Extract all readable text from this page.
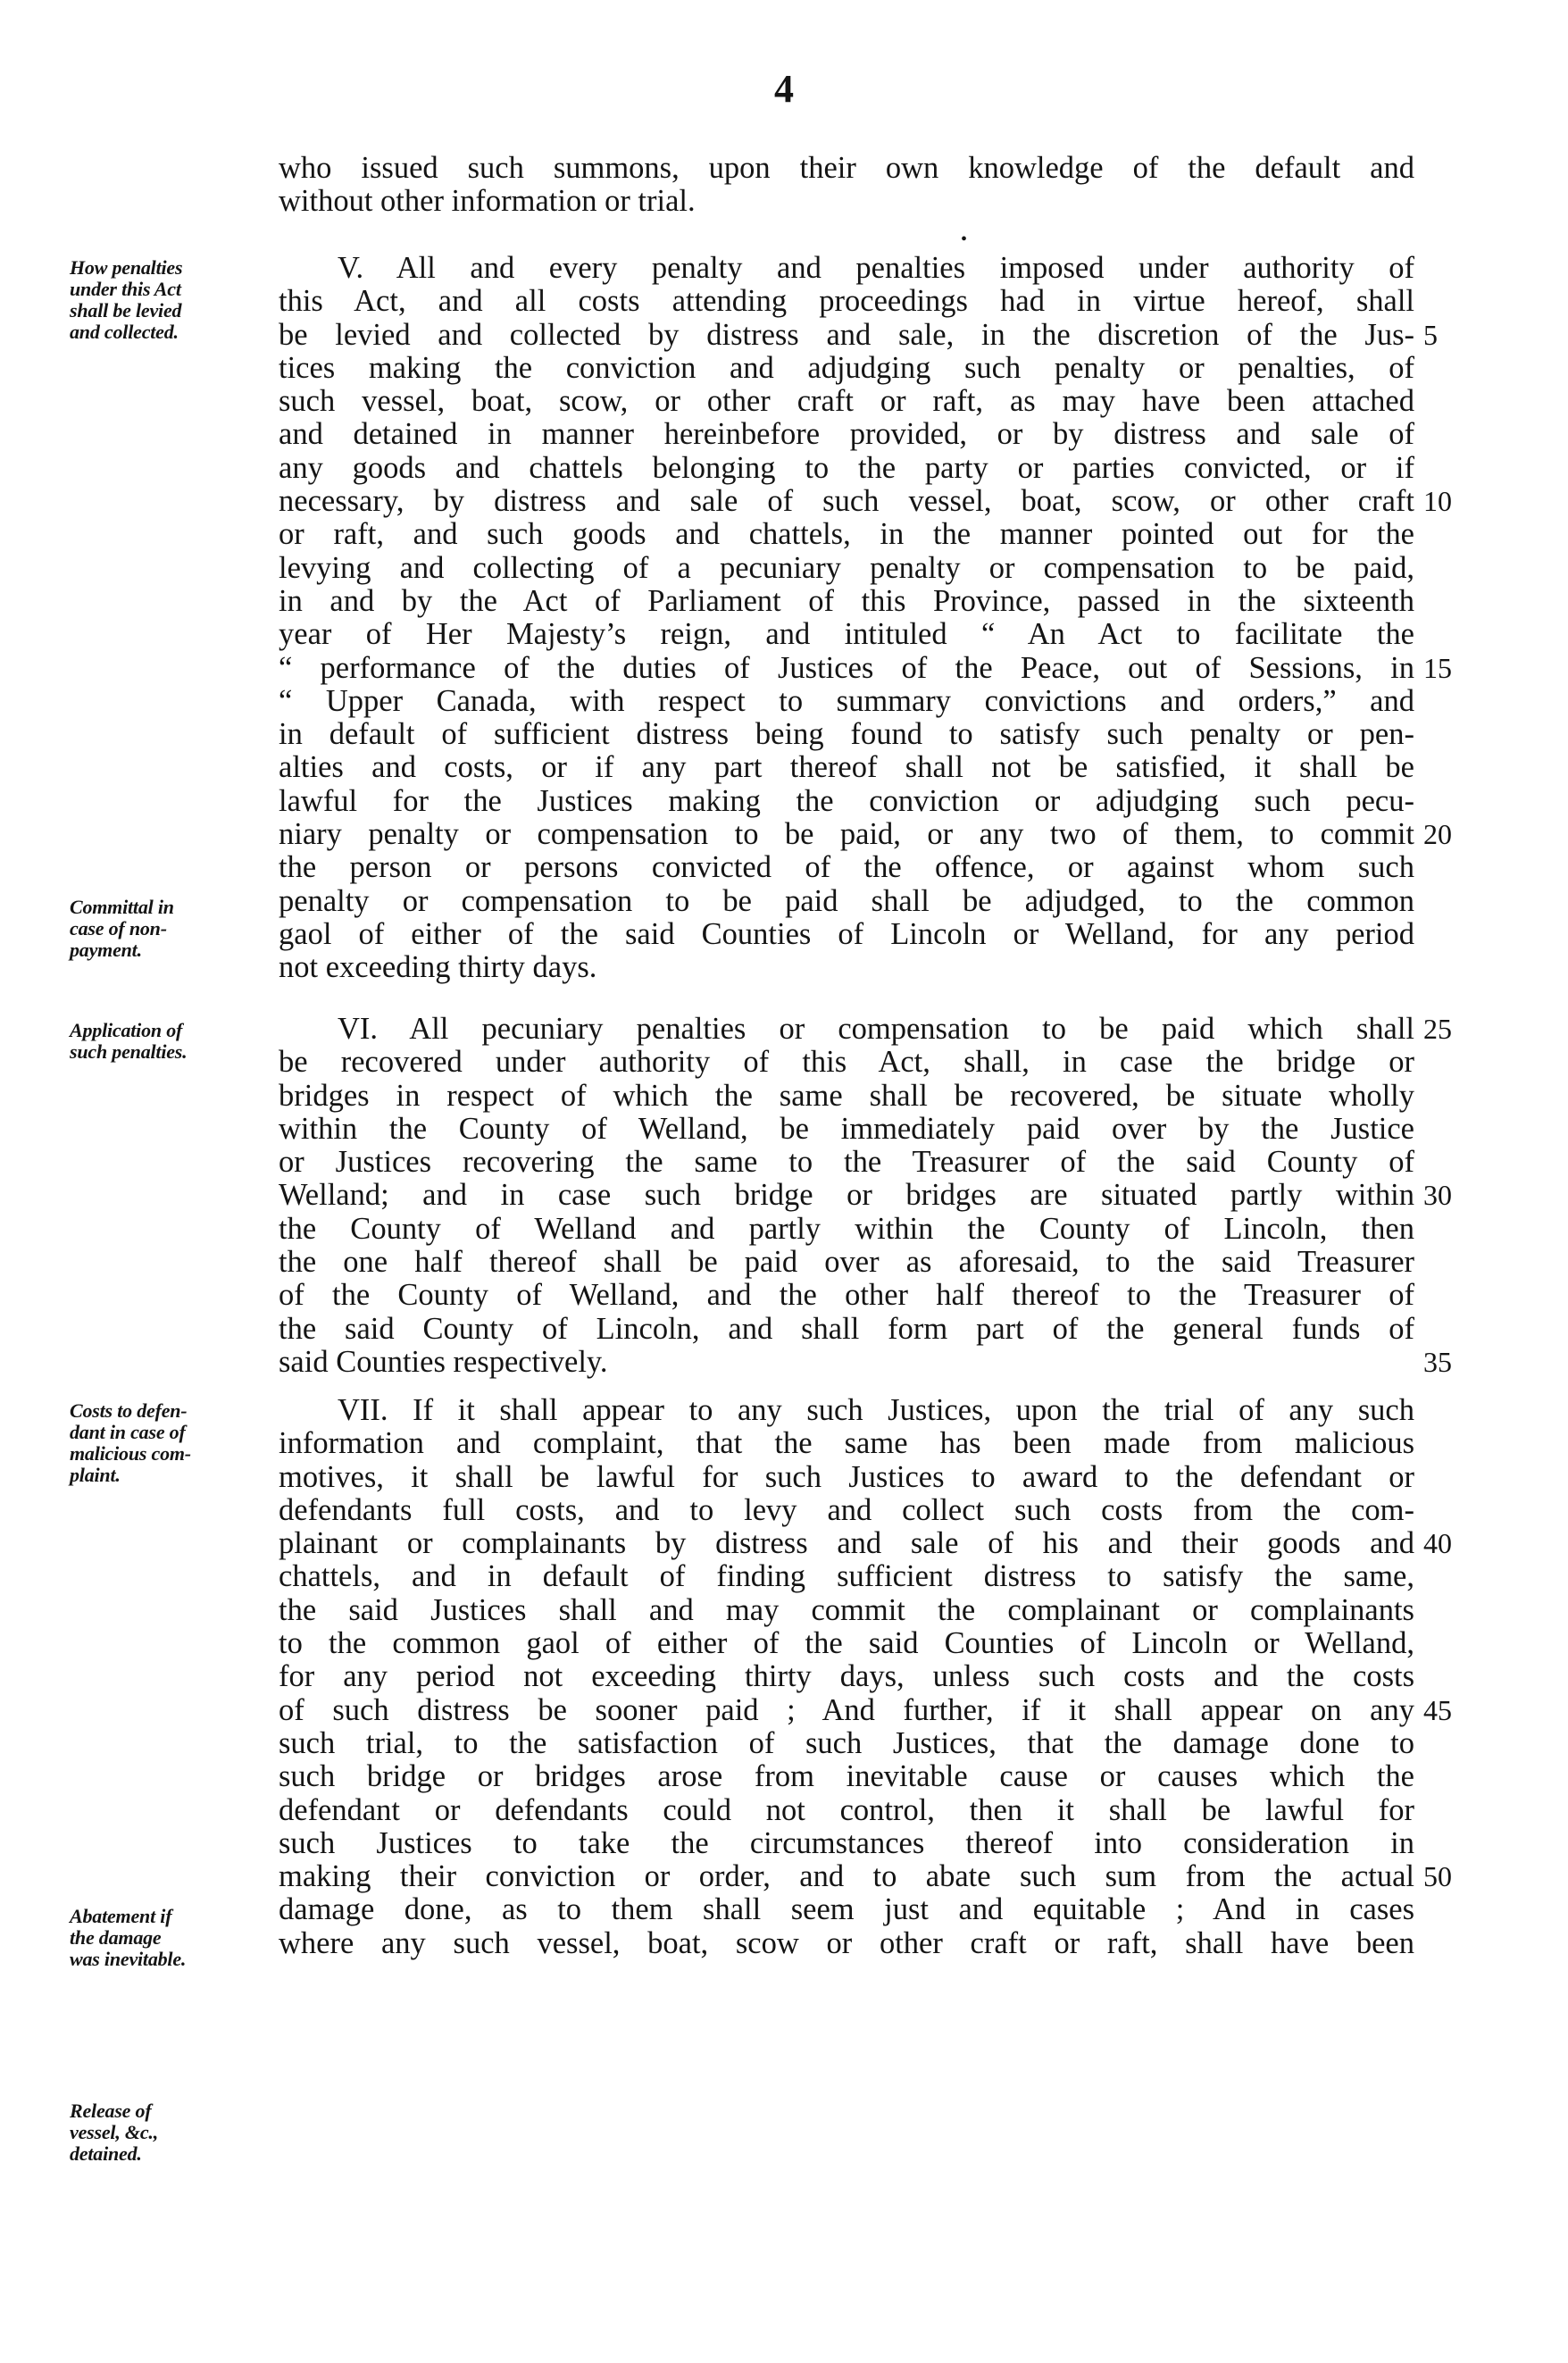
4
•
who issued such summons, upon their own knowledge of the default and
without other information or trial.
V. All and every penalty and penalties imposed under authority of
this Act, and all costs attending proceedings had in virtue hereof, shall
be levied and collected by distress and sale, in the discretion of the Jus- 5
tices making the conviction and adjudging such penalty or penalties, of
such vessel, boat, scow, or other craft or raft, as may have been attached
and detained in manner hereinbefore provided, or by distress and sale of
any goods and chattels belonging to the party or parties convicted, or if
necessary, by distress and sale of such vessel, boat, scow, or other craft 10
or raft, and such goods and chattels, in the manner pointed out for the
levying and collecting of a pecuniary penalty or compensation to be paid,
in and by the Act of Parliament of this Province, passed in the sixteenth
year of Her Majesty’s reign, and intituled “ An Act to facilitate the
“ performance of the duties of Justices of the Peace, out of Sessions, in 15
“ Upper Canada, with respect to summary convictions and orders,” and
in default of sufficient distress being found to satisfy such penalty or pen-
alties and costs, or if any part thereof shall not be satisfied, it shall be
lawful for the Justices making the conviction or adjudging such pecu-
niary penalty or compensation to be paid, or any two of them, to commit 20
the person or persons convicted of the offence, or against whom such
penalty or compensation to be paid shall be adjudged, to the common
gaol of either of the said Counties of Lincoln or Welland, for any period
not exceeding thirty days.
VI. All pecuniary penalties or compensation to be paid which shall 25
be recovered under authority of this Act, shall, in case the bridge or
bridges in respect of which the same shall be recovered, be situate wholly
within the County of Welland, be immediately paid over by the Justice
or Justices recovering the same to the Treasurer of the said County of
Welland; and in case such bridge or bridges are situated partly within 30
the County of Welland and partly within the County of Lincoln, then
the one half thereof shall be paid over as aforesaid, to the said Treasurer
of the County of Welland, and the other half thereof to the Treasurer of
the said County of Lincoln, and shall form part of the general funds of
said Counties respectively.	35
VII. If it shall appear to any such Justices, upon the trial of any such
information and complaint, that the same has been made from malicious
motives, it shall be lawful for such Justices to award to the defendant or
defendants full costs, and to levy and collect such costs from the com-
plainant or complainants by distress and sale of his and their goods and 40
chattels, and in default of finding sufficient distress to satisfy the same,
the said Justices shall and may commit the complainant or complainants
to the common gaol of either of the said Counties of Lincoln or Welland,
for any period not exceeding thirty days, unless such costs and the costs
of such distress be sooner paid ; And further, if it shall appear on any 45
such trial, to the satisfaction of such Justices, that the damage done to
such bridge or bridges arose from inevitable cause or causes which the
defendant or defendants could not control, then it shall be lawful for
such Justices to take the circumstances thereof into consideration in
making their conviction or order, and to abate such sum from the actual 50
damage done, as to them shall seem just and equitable ; And in cases
where any such vessel, boat, scow or other craft or raft, shall have been
How penalties
under this Act
shall be levied
and collected.
Committal in
case of non-
payment.
Application of
such penalties.
Costs to defen-
dant in case of
malicious com-
plaint.
Abatement if
the damage
was inevitable.
Release of
vessel, &c.,
detained.
